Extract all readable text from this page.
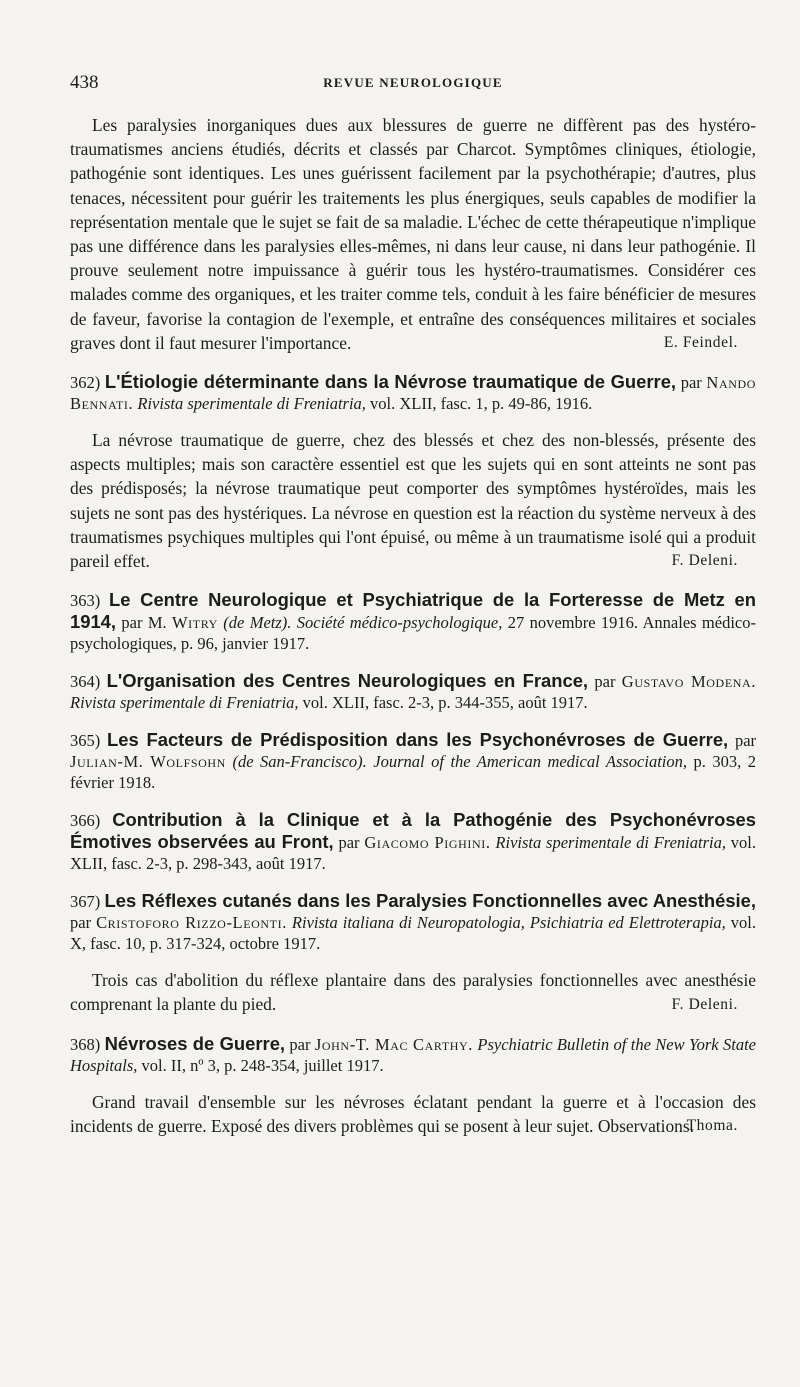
438	REVUE NEUROLOGIQUE

Les paralysies inorganiques dues aux blessures de guerre ne diffèrent pas des hystéro-traumatismes anciens étudiés, décrits et classés par Charcot. Symptômes cliniques, étiologie, pathogénie sont identiques. Les unes guérissent facilement par la psychothérapie; d'autres, plus tenaces, nécessitent pour guérir les traitements les plus énergiques, seuls capables de modifier la représentation mentale que le sujet se fait de sa maladie. L'échec de cette thérapeutique n'implique pas une différence dans les paralysies elles-mêmes, ni dans leur cause, ni dans leur pathogénie. Il prouve seulement notre impuissance à guérir tous les hystéro-traumatismes. Considérer ces malades comme des organiques, et les traiter comme tels, conduit à les faire bénéficier de mesures de faveur, favorise la contagion de l'exemple, et entraîne des conséquences militaires et sociales graves dont il faut mesurer l'importance.	E. Feindel.
362) L'Étiologie déterminante dans la Névrose traumatique de Guerre, par Nando Bennati. Rivista sperimentale di Freniatria, vol. XLII, fasc. 1, p. 49-86, 1916.

La névrose traumatique de guerre, chez des blessés et chez des non-blessés, présente des aspects multiples; mais son caractère essentiel est que les sujets qui en sont atteints ne sont pas des prédisposés; la névrose traumatique peut comporter des symptômes hystéroïdes, mais les sujets ne sont pas des hystériques. La névrose en question est la réaction du système nerveux à des traumatismes psychiques multiples qui l'ont épuisé, ou même à un traumatisme isolé qui a produit pareil effet.	F. Deleni.
363) Le Centre Neurologique et Psychiatrique de la Forteresse de Metz en 1914, par M. Witry (de Metz). Société médico-psychologique, 27 novembre 1916. Annales médico-psychologiques, p. 96, janvier 1917.
364) L'Organisation des Centres Neurologiques en France, par Gustavo Modena. Rivista sperimentale di Freniatria, vol. XLII, fasc. 2-3, p. 344-355, août 1917.
365) Les Facteurs de Prédisposition dans les Psychonévroses de Guerre, par Julian-M. Wolfsohn (de San-Francisco). Journal of the American medical Association, p. 303, 2 février 1918.
366) Contribution à la Clinique et à la Pathogénie des Psychonévroses Émotives observées au Front, par Giacomo Pighini. Rivista sperimentale di Freniatria, vol. XLII, fasc. 2-3, p. 298-343, août 1917.
367) Les Réflexes cutanés dans les Paralysies Fonctionnelles avec Anesthésie, par Cristoforo Rizzo-Leonti. Rivista italiana di Neuropatologia, Psichiatria ed Elettroterapia, vol. X, fasc. 10, p. 317-324, octobre 1917.

Trois cas d'abolition du réflexe plantaire dans des paralysies fonctionnelles avec anesthésie comprenant la plante du pied.	F. Deleni.
368) Névroses de Guerre, par John-T. Mac Carthy. Psychiatric Bulletin of the New York State Hospitals, vol. II, nº 3, p. 248-354, juillet 1917.

Grand travail d'ensemble sur les névroses éclatant pendant la guerre et à l'occasion des incidents de guerre. Exposé des divers problèmes qui se posent à leur sujet. Observations.

Thoma.
